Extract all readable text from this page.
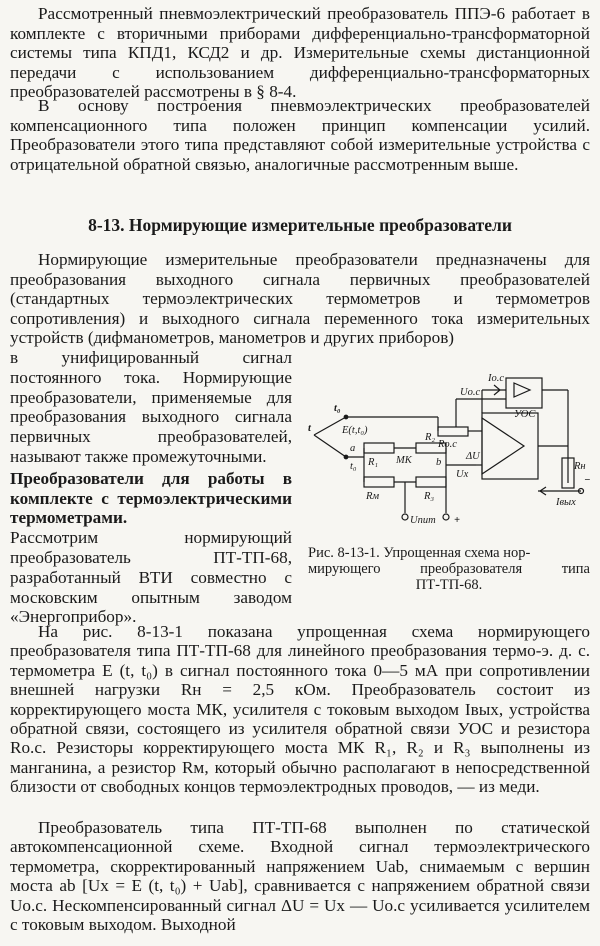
Рассмотренный пневмоэлектрический преобразователь ППЭ-6 работает в комплекте с вторичными приборами дифференциально-трансформаторной системы типа КПД1, КСД2 и др. Измерительные схемы дистанционной передачи с использованием дифференциально-трансформаторных преобразователей рассмотрены в § 8-4.

В основу построения пневмоэлектрических преобразователей компенсационного типа положен принцип компенсации усилий. Преобразователи этого типа представляют собой измерительные устройства с отрицательной обратной связью, аналогичные рассмотренным выше.

8-13. Нормирующие измерительные преобразователи

Нормирующие измерительные преобразователи предназначены для преобразования выходного сигнала первичных преобразователей (стандартных термоэлектрических термометров и термометров сопротивления) и выходного сигнала переменного тока измерительных устройств (дифманометров, манометров и других приборов)

в унифицированный сигнал постоянного тока. Нормирующие преобразователи, применяемые для преобразования выходного сигнала первичных преобразователей, называют также промежуточными.
Преобразователи для работы в комплекте с термоэлектрическими термометрами. Рассмотрим нормирующий преобразователь ПТ-ТП-68, разработанный ВТИ совместно с московским опытным заводом «Энергоприбор».

t
t₀
E(t,t₀)
a
t₀ R₁
R₂
МК b
Rм	R₃
Uпит +
Iо.с
Uо.с
Rо.с
ΔU
Ux
УОС
Rн
Iвых
−
Рис. 8-13-1. Упрощенная схема нор-
мирующего	преобразователя	типа
ПТ-ТП-68.

На рис. 8-13-1 показана упрощенная схема нормирующего преобразователя типа ПТ-ТП-68 для линейного преобразования термо-э. д. с. термометра E (t, t₀) в сигнал постоянного тока 0—5 мА при сопротивлении внешней нагрузки Rн = 2,5 кОм. Преобразователь состоит из корректирующего моста МК, усилителя с токовым выходом Iвых, устройства обратной связи, состоящего из усилителя обратной связи УОС и резистора Rо.с. Резисторы корректирующего моста МК R₁, R₂ и R₃ выполнены из манганина, а резистор Rм, который обычно располагают в непосредственной близости от свободных концов термоэлектродных проводов, — из меди.

Преобразователь типа ПТ-ТП-68 выполнен по статической автокомпенсационной схеме. Входной сигнал термоэлектрического термометра, скорректированный напряжением Uab, снимаемым с вершин моста ab [Ux = E (t, t₀) + Uab], сравнивается с напряжением обратной связи Uо.с. Нескомпенсированный сигнал ΔU = Ux — Uо.с усиливается усилителем с токовым выходом. Выходной
